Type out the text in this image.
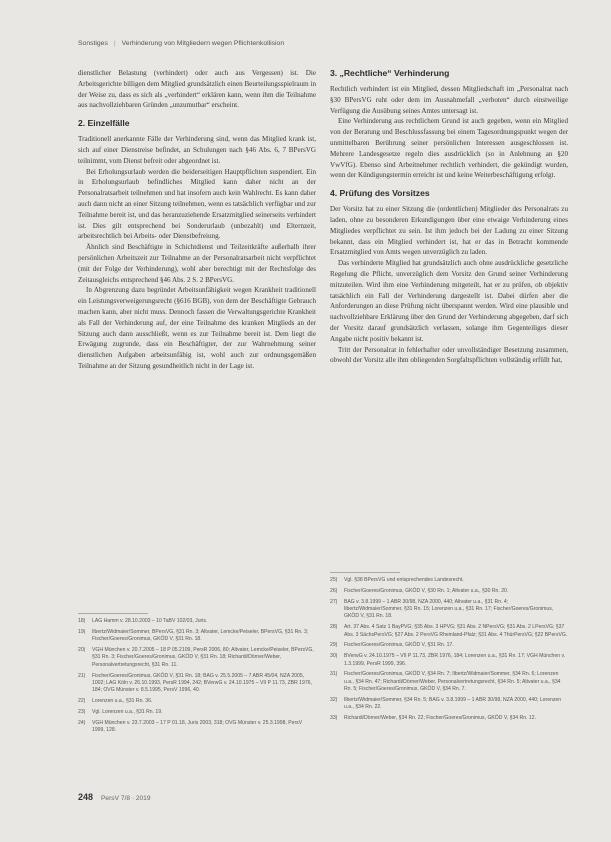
Sonstiges | Verhinderung von Mitgliedern wegen Pflichtenkollision

dienstlicher Belastung (verhindert) oder auch aus Vergessen) ist. Die Arbeitsgerichte billigen dem Mitglied grundsätzlich einen Beurteilungsspielraum in der Weise zu, dass es sich als „verhindert“ erklären kann, wenn ihm die Teilnahme aus nachvollziehbaren Gründen „unzumutbar“ erscheint.

2. Einzelfälle

Traditionell anerkannte Fälle der Verhinderung sind, wenn das Mitglied krank ist, sich auf einer Dienstreise befindet, an Schulungen nach §46 Abs. 6, 7 BPersVG teilnimmt, vom Dienst befreit oder abgeordnet ist.

Bei Erholungsurlaub werden die beiderseitigen Hauptpflichten suspendiert. Ein in Erholungsurlaub befindliches Mitglied kann daher nicht an der Personalratsarbeit teilnehmen und hat insofern auch kein Wahlrecht. Es kann daher auch dann nicht an einer Sitzung teilnehmen, wenn es tatsächlich verfügbar und zur Teilnahme bereit ist, und das heranzuziehende Ersatzmitglied seinerseits verhindert ist. Dies gilt entsprechend bei Sonderurlaub (unbezahlt) und Elternzeit, arbeitsrechtlich bei Arbeits- oder Dienstbefreiung.

Ähnlich sind Beschäftigte in Schichtdienst und Teilzeitkräfte außerhalb ihrer persönlichen Arbeitszeit zur Teilnahme an der Personalratsarbeit nicht verpflichtet (mit der Folge der Verhinderung), wohl aber berechtigt mit der Rechtsfolge des Zeitausgleichs entsprechend §46 Abs. 2 S. 2 BPersVG.

In Abgrenzung dazu begründet Arbeitsunfähigkeit wegen Krankheit traditionell ein Leistungsverweigerungsrecht (§616 BGB), von dem der Beschäftigte Gebrauch machen kann, aber nicht muss. Dennoch fassen die Verwaltungsgerichte Krankheit als Fall der Verhinderung auf, der eine Teilnahme des kranken Mitglieds an der Sitzung auch dann ausschließt, wenn es zur Teilnahme bereit ist. Dem liegt die Erwägung zugrunde, dass ein Beschäftigter, der zur Wahrnehmung seiner dienstlichen Aufgaben arbeitsunfähig ist, wohl auch zur ordnungsgemäßen Teilnahme an der Sitzung gesundheitlich nicht in der Lage ist.

3. „Rechtliche“ Verhinderung

Rechtlich verhindert ist ein Mitglied, dessen Mitgliedschaft im „Personalrat nach §30 BPersVG ruht oder dem im Ausnahmefall „verboten“ durch einstweilige Verfügung die Ausübung seines Amtes untersagt ist.

Eine Verhinderung aus rechtlichem Grund ist auch gegeben, wenn ein Mitglied von der Beratung und Beschlussfassung bei einem Tagesordnungspunkt wegen der unmittelbaren Berührung seiner persönlichen Interessen ausgeschlossen ist. Mehrere Landesgesetze regeln dies ausdrücklich (so in Anlehnung an §20 VwVfG). Ebenso sind Arbeitnehmer rechtlich verhindert, die gekündigt wurden, wenn der Kündigungstermin erreicht ist und keine Weiterbeschäftigung erfolgt.

4. Prüfung des Vorsitzes

Der Vorsitz hat zu einer Sitzung die (ordentlichen) Mitglieder des Personalrats zu laden, ohne zu besonderen Erkundigungen über eine etwaige Verhinderung eines Mitgliedes verpflichtet zu sein. Ist ihm jedoch bei der Ladung zu einer Sitzung bekannt, dass ein Mitglied verhindert ist, hat er das in Betracht kommende Ersatzmitglied von Amts wegen unverzüglich zu laden.

Das verhinderte Mitglied hat grundsätzlich auch ohne ausdrückliche gesetzliche Regelung die Pflicht, unverzüglich dem Vorsitz den Grund seiner Verhinderung mitzuteilen. Wird ihm eine Verhinderung mitgeteilt, hat er zu prüfen, ob objektiv tatsächlich ein Fall der Verhinderung dargestellt ist. Dabei dürfen aber die Anforderungen an diese Prüfung nicht überspannt werden. Wird eine plausible und nachvollziehbare Erklärung über den Grund der Verhinderung abgegeben, darf sich der Vorsitz darauf grundsätzlich verlassen, solange ihm Gegenteiliges dieser Angabe nicht positiv bekannt ist.

Tritt der Personalrat in fehlerhafter oder unvollständiger Besetzung zusammen, obwohl der Vorsitz alle ihm obliegenden Sorgfaltspflichten vollständig erfüllt hat,

18)	LAG Hamm v. 28.10.2003 – 10 TaBV 102/03, Juris.
19)	Ilbertz/Widmaier/Sommer, BPersVG, §31 Rn. 3; Altvater, Lemcke/Peiseler, BPersVG, §31 Rn. 3; Fischer/Goeres/Gronimus, GKÖD V, §31 Rn. 18.
20)	VGH München v. 20.7.2005 – 18 P 05.2109, PersR 2006, 80; Altvater, Lemcke/Peiseler, BPersVG, §31 Rn. 3; Fischer/Goeres/Gronimus, GKÖD V, §31 Rn. 18; Richardi/Dörner/Weber, Personalvertretungsrecht, §31 Rn. 11.
21)	Fischer/Goeres/Gronimus, GKÖD V, §31 Rn. 18; BAG v. 25.5.2005 – 7 ABR 45/04, NZA 2005, 1002; LAG Köln v. 26.10.1993, PersR 1994, 242; BVerwG v. 24.10.1975 – VII P 11.73, ZBR 1976, 184; OVG Münster v. 8.5.1995, PersV 1996, 40.
22)	Lorenzen u.a., §31 Rn. 36.
23)	Vgl. Lorenzen u.a., §31 Rn. 19.
24)	VGH München v. 23.7.2003 – 17 P 01.18, Juris 2003, 318; OVG Münster v. 25.3.1998, PersV 1999, 128.
25)	Vgl. §38 BPersVG und entsprechendes Landesrecht.
26)	Fischer/Goeres/Gronimus, GKÖD V, §30 Rn. 1; Altvater u.a., §30 Rn. 20.
27)	BAG v. 3.8.1999 – 1 ABR 30/98, NZA 2000, 440; Altvater u.a., §31 Rn. 4; Ilbertz/Widmaier/Sommer, §31 Rn. 15; Lorenzen u.a., §31 Rn. 17; Fischer/Goeres/Gronimus, GKÖD V, §31 Rn. 18.
28)	Art. 37 Abs. 4 Satz 1 BayPVG; §35 Abs. 3 HPVG; §31 Abs. 2 NPersVG; §31 Abs. 2 LPersVG; §37 Abs. 3 SächsPersVG; §27 Abs. 2 PersVG Rheinland-Pfalz; §31 Abs. 4 ThürPersVG; §22 BPersVG.
29)	Fischer/Goeres/Gronimus, GKÖD V, §31 Rn. 17.
30)	BVerwG v. 24.10.1975 – VII P 11.73, ZBR 1976, 184; Lorenzen u.a., §31 Rn. 17; VGH München v. 1.3.1999, PersR 1999, 396.
31)	Fischer/Goeres/Gronimus, GKÖD V, §34 Rn. 7; Ilbertz/Widmaier/Sommer, §34 Rn. 6; Lorenzen u.a., §34 Rn. 47; Richardi/Dörner/Weber, Personalvertretungsrecht, §34 Rn. 5; Altvater u.a., §34 Rn. 5; Fischer/Goeres/Gronimus, GKÖD V, §34 Rn. 7.
32)	Ilbertz/Widmaier/Sommer, §34 Rn. 5; BAG v. 3.8.1999 – 1 ABR 30/98, NZA 2000, 440; Lorenzen u.a., §34 Rn. 22.
33)	Richardi/Dörner/Weber, §34 Rn. 22; Fischer/Goeres/Gronimus, GKÖD V, §34 Rn. 12.
248 PersV 7/8 · 2019
